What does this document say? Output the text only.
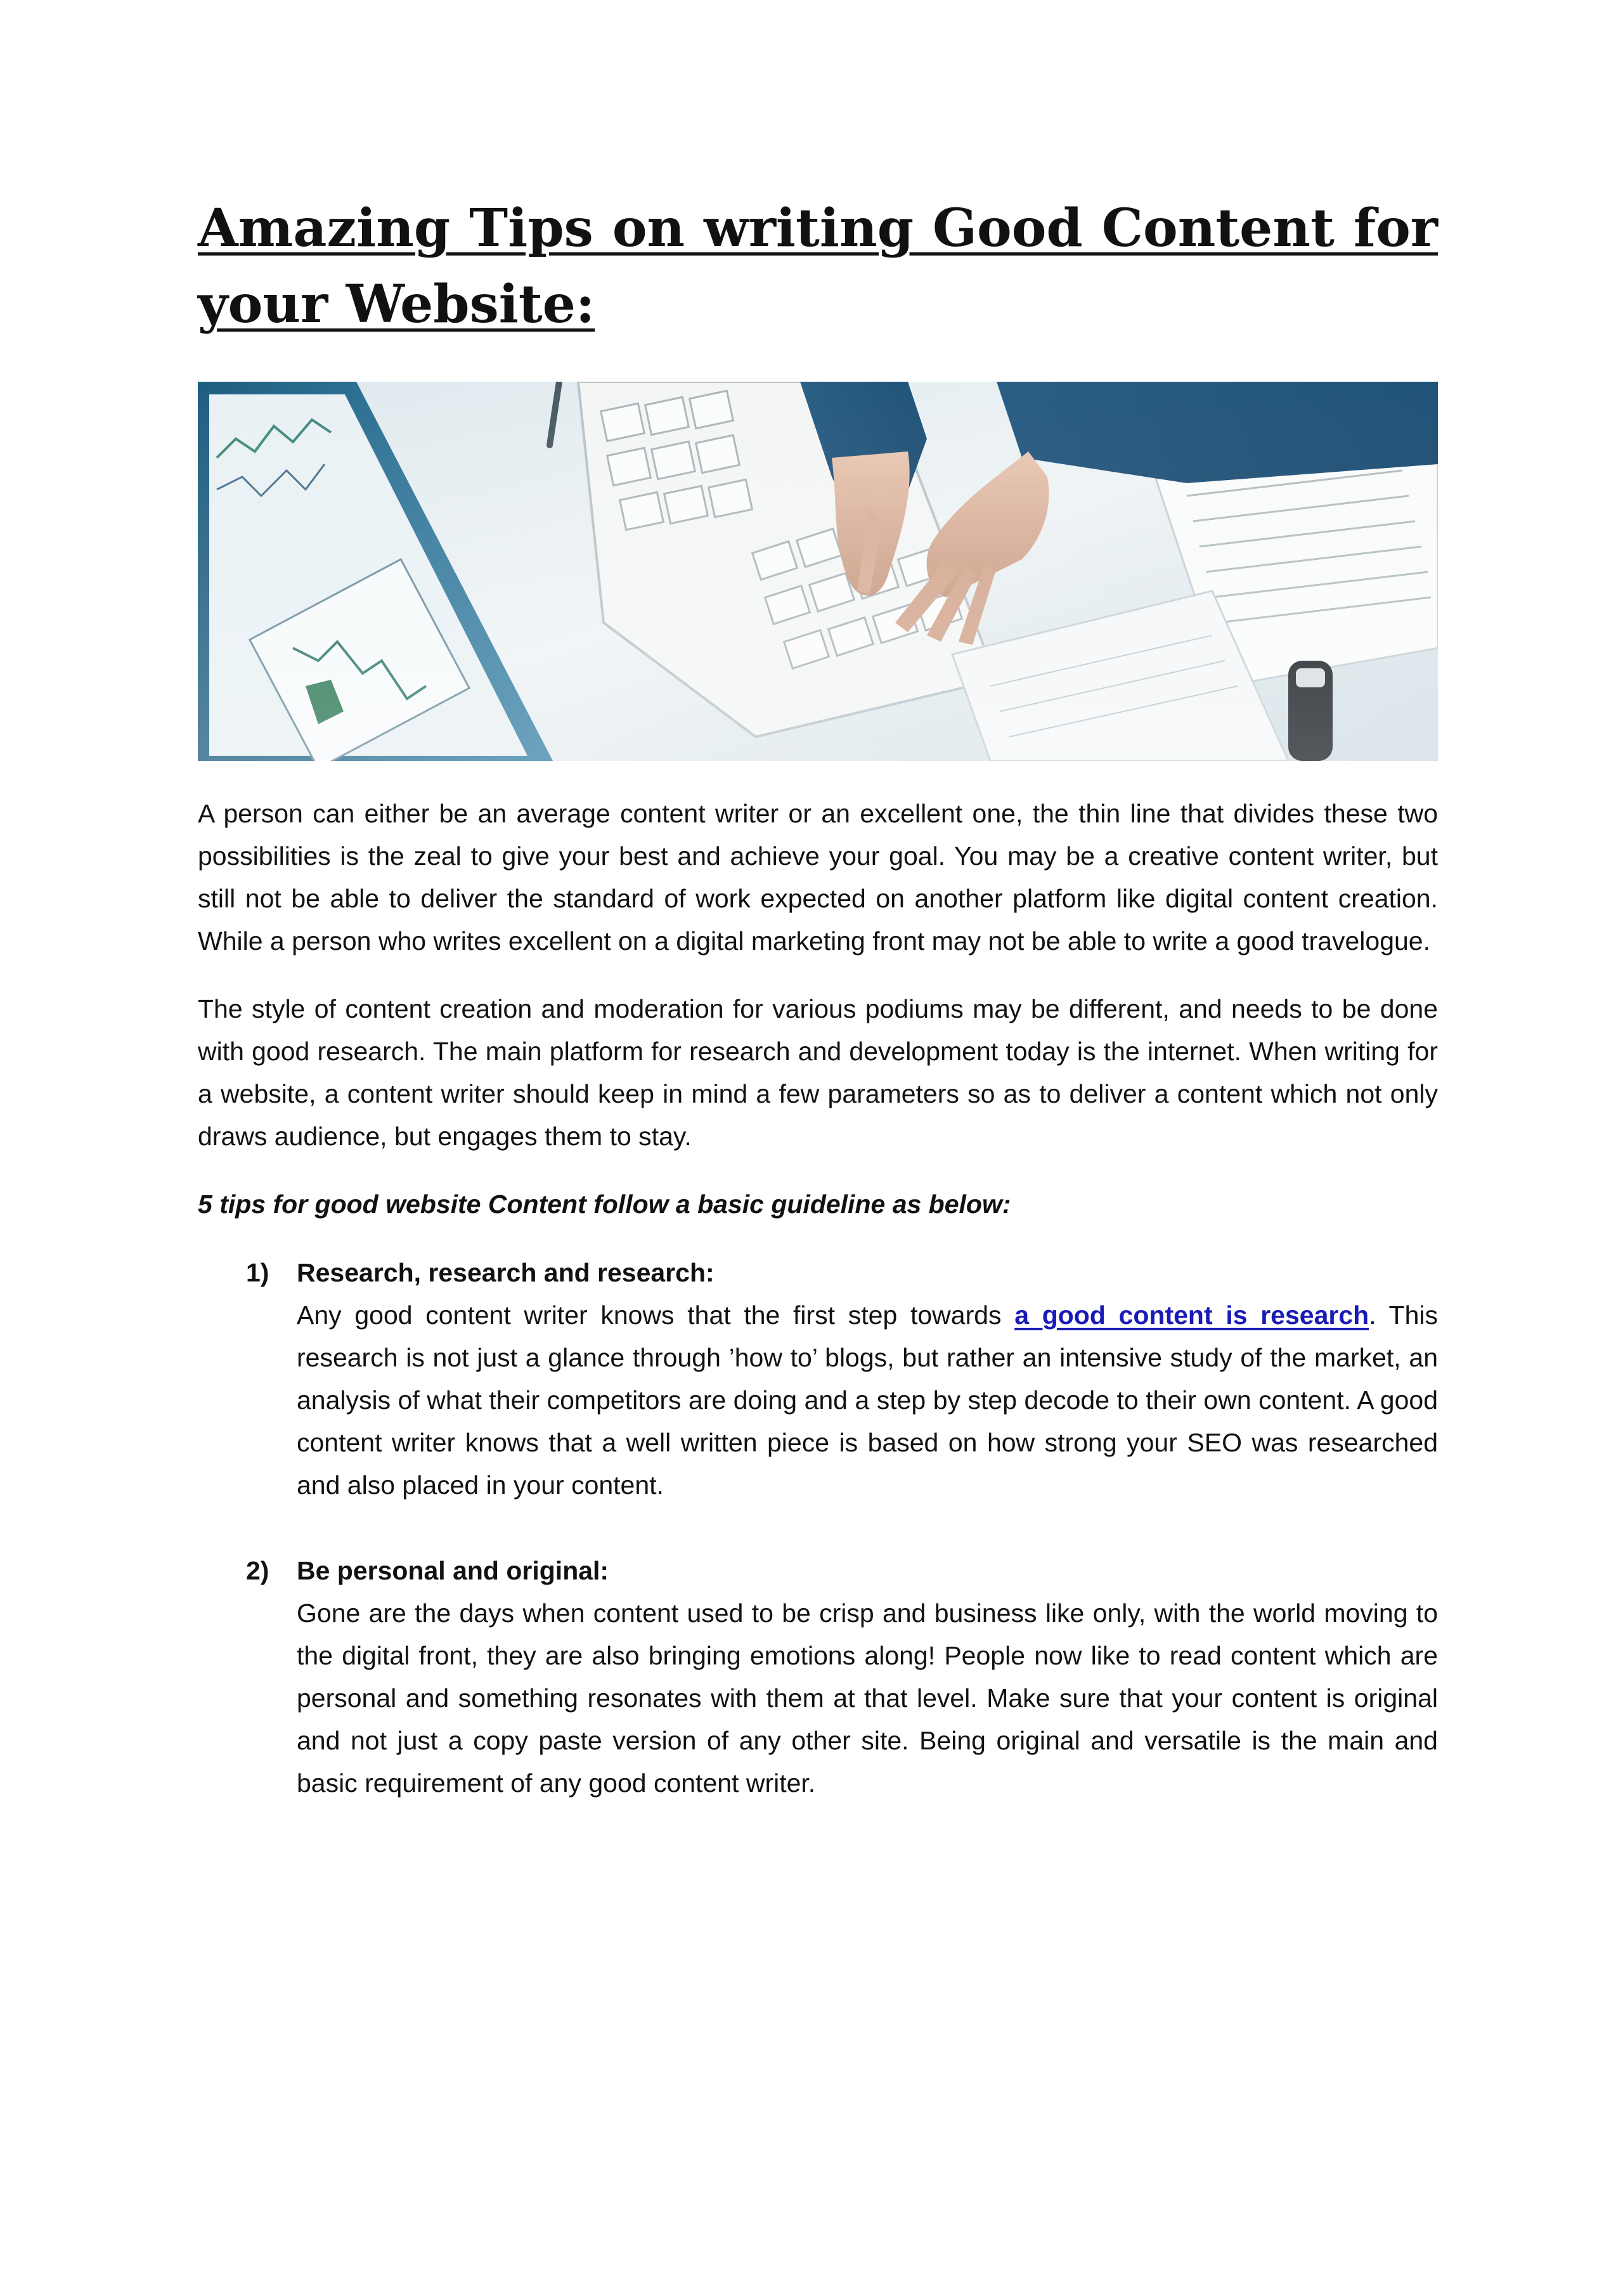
Amazing Tips on writing Good Content for your Website:

A person can either be an average content writer or an excellent one, the thin line that divides these two possibilities is the zeal to give your best and achieve your goal. You may be a creative content writer, but still not be able to deliver the standard of work expected on another platform like digital content creation. While a person who writes excellent on a digital marketing front may not be able to write a good travelogue.

The style of content creation and moderation for various podiums may be different, and needs to be done with good research. The main platform for research and development today is the internet. When writing for a website, a content writer should keep in mind a few parameters so as to deliver a content which not only draws audience, but engages them to stay.

5 tips for good website Content follow a basic guideline as below:

1) Research, research and research:

Any good content writer knows that the first step towards a good content is research. This research is not just a glance through ’how to’ blogs, but rather an intensive study of the market, an analysis of what their competitors are doing and a step by step decode to their own content. A good content writer knows that a well written piece is based on how strong your SEO was researched and also placed in your content.

2) Be personal and original:

Gone are the days when content used to be crisp and business like only, with the world moving to the digital front, they are also bringing emotions along! People now like to read content which are personal and something resonates with them at that level. Make sure that your content is original and not just a copy paste version of any other site. Being original and versatile is the main and basic requirement of any good content writer.
